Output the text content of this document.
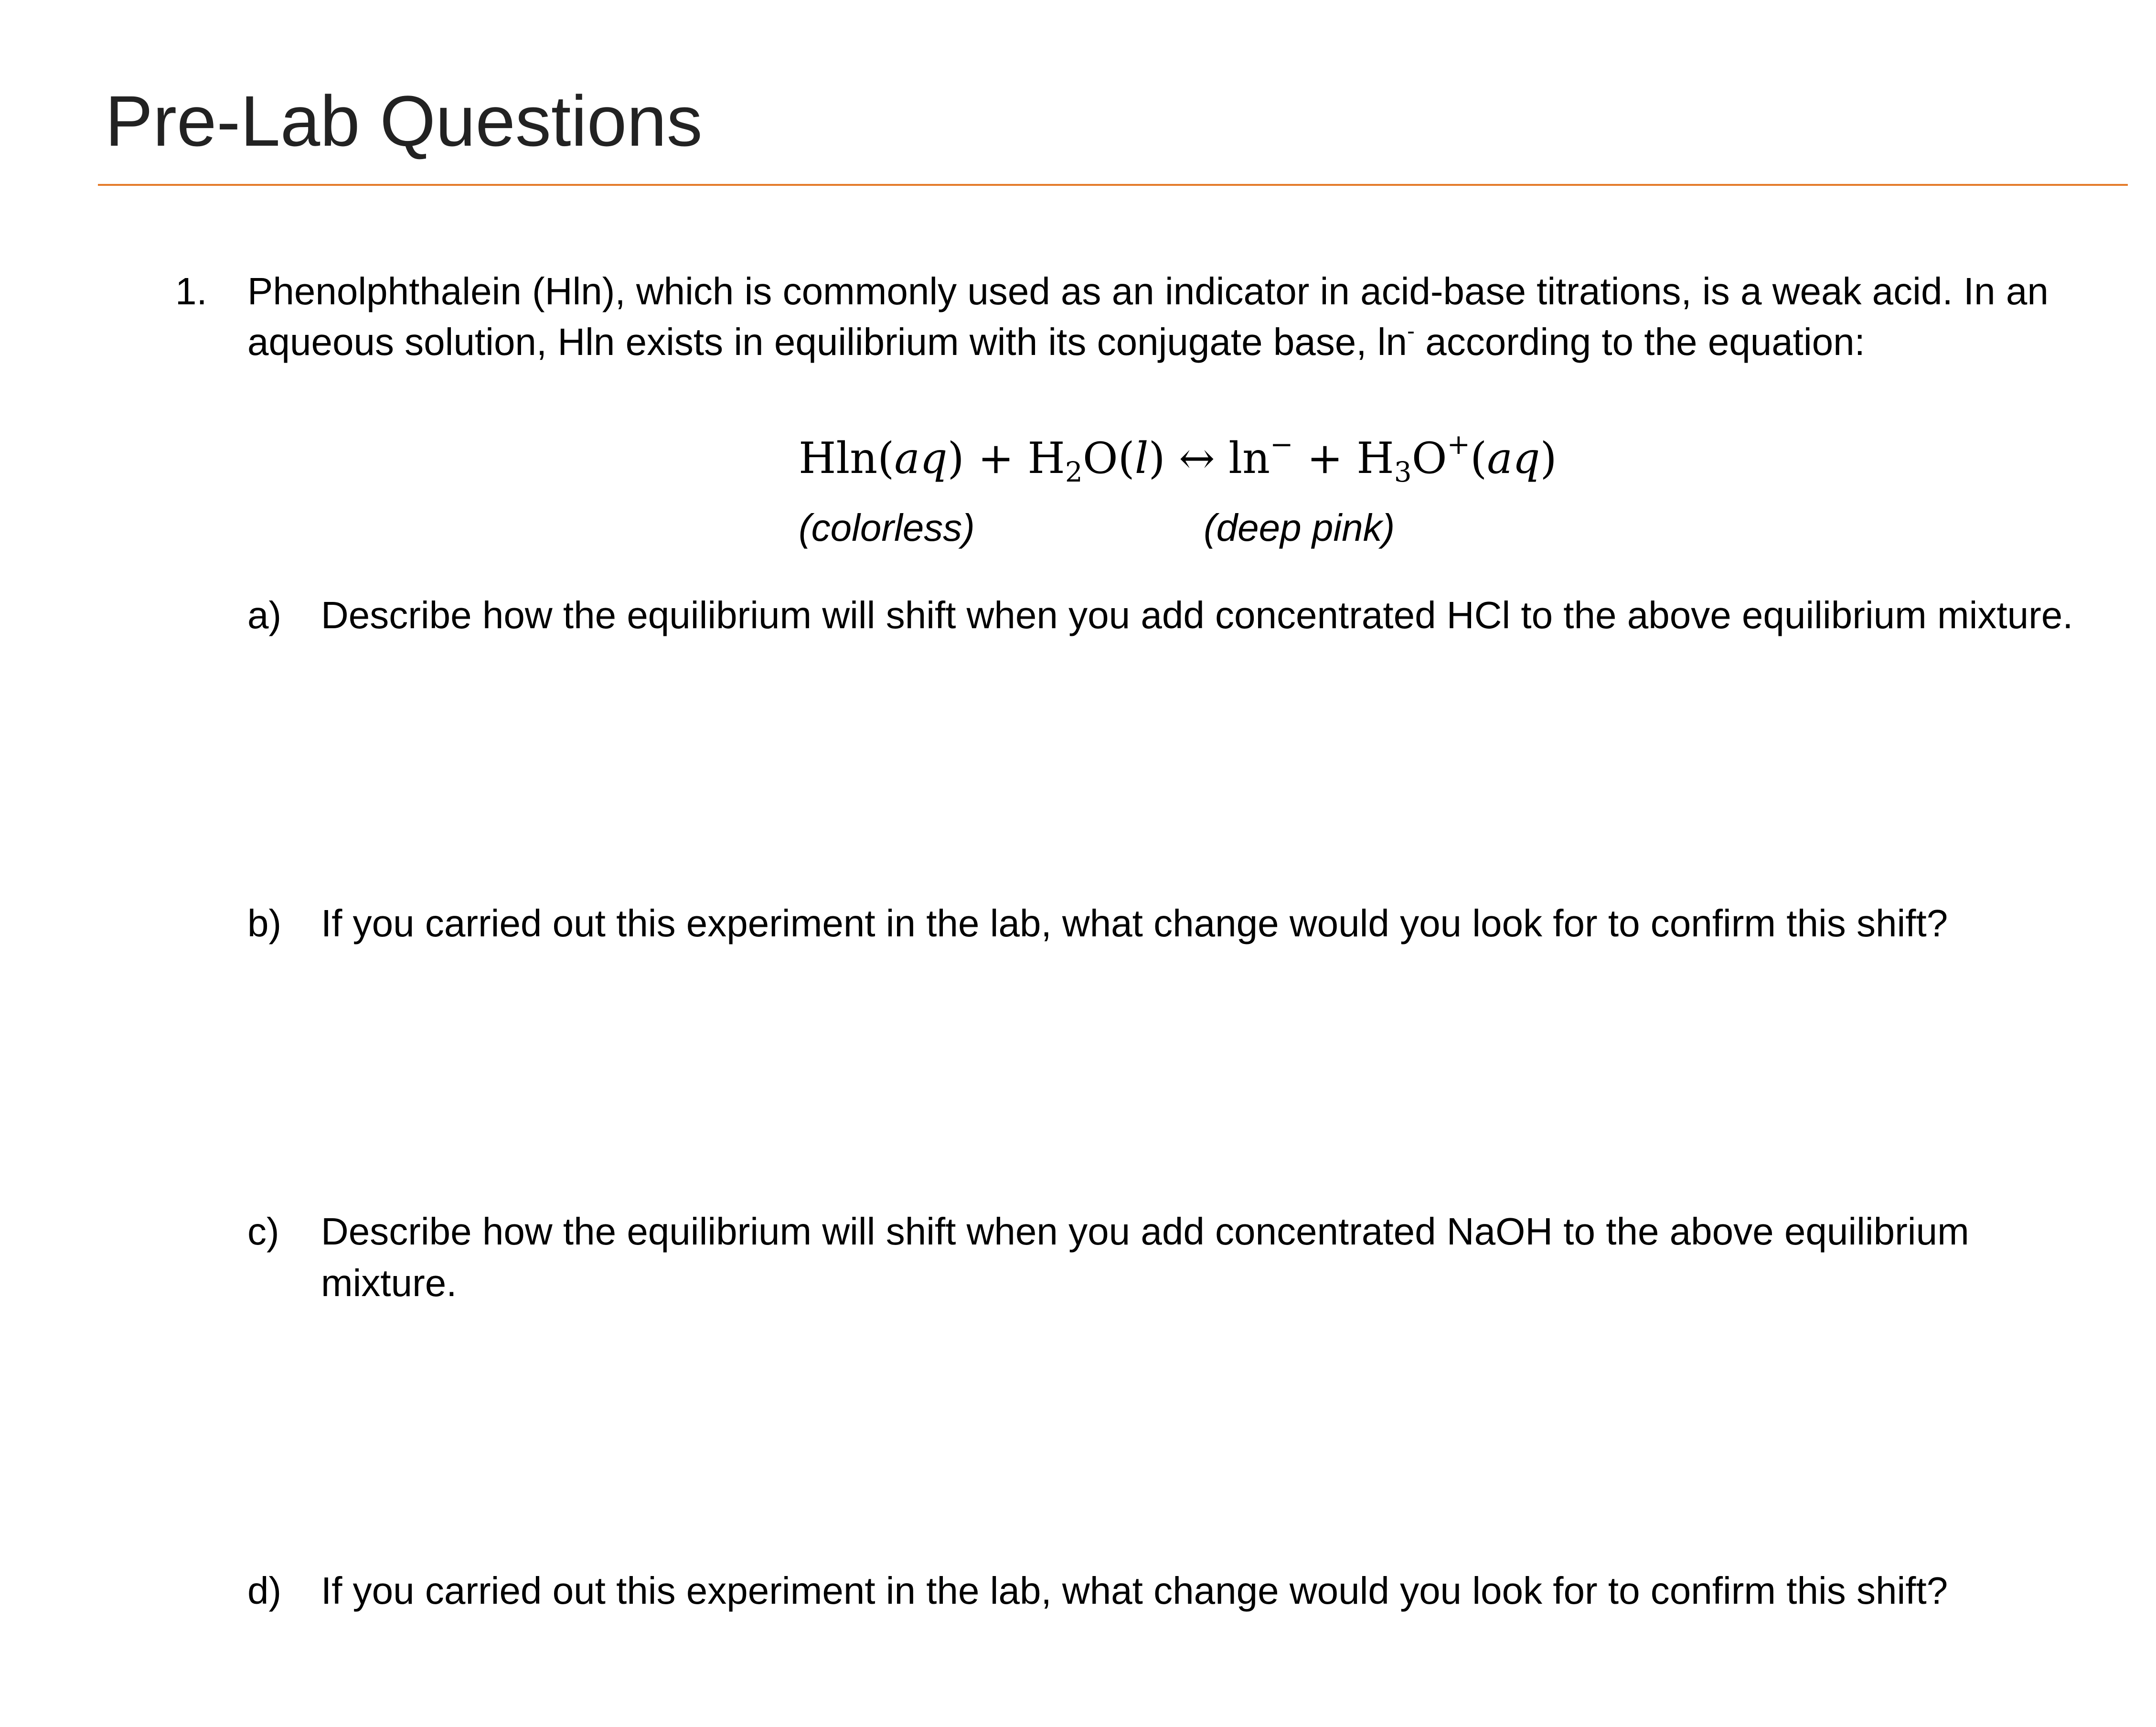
Pre-Lab Questions
1. Phenolphthalein (Hln), which is commonly used as an indicator in acid-base titrations, is a weak acid. In an
aqueous solution, Hln exists in equilibrium with its conjugate base, ln- according to the equation:
$Hln(aq) + H_2O(l)$ ↔ $\ln^- + H_3O^+(aq)$
(colorless)	(deep pink)
a) Describe how the equilibrium will shift when you add concentrated HCl to the above equilibrium mixture.
b) If you carried out this experiment in the lab, what change would you look for to confirm this shift?
c) Describe how the equilibrium will shift when you add concentrated NaOH to the above equilibrium
mixture.
d) If you carried out this experiment in the lab, what change would you look for to confirm this shift?
